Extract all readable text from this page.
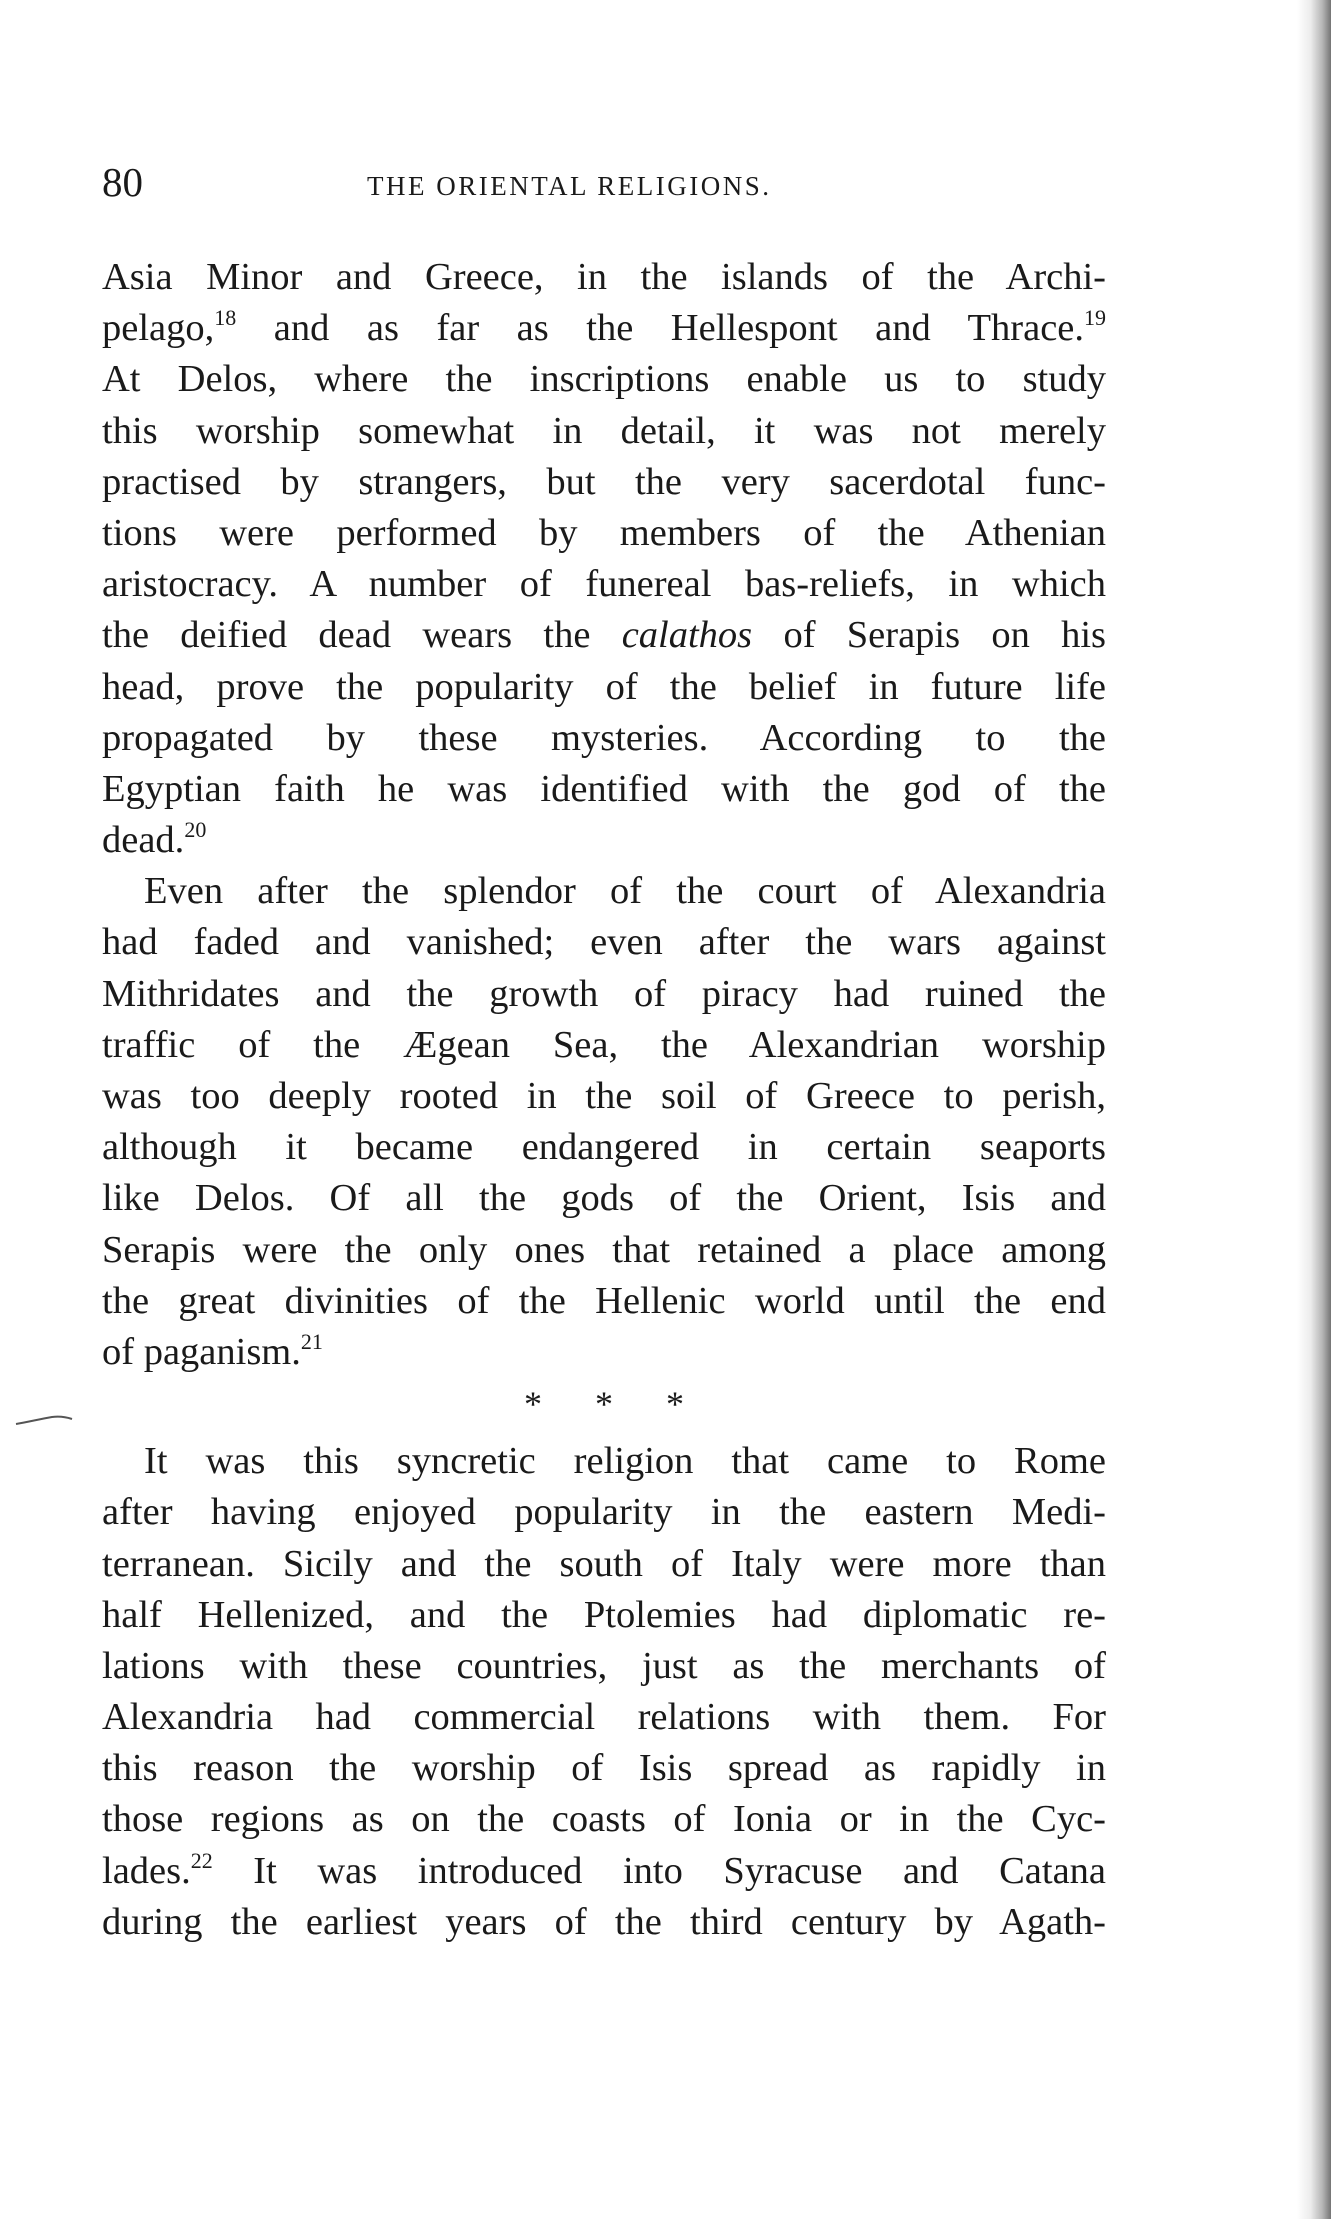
80	THE ORIENTAL RELIGIONS.
Asia Minor and Greece, in the islands of the Archi-
pelago,$^{18}$ and as far as the Hellespont and Thrace.$^{19}$
At Delos, where the inscriptions enable us to study
this worship somewhat in detail, it was not merely
practised by strangers, but the very sacerdotal func-
tions were performed by members of the Athenian
aristocracy. A number of funereal bas-reliefs, in which
the deified dead wears the calathos of Serapis on his
head, prove the popularity of the belief in future life
propagated by these mysteries. According to the
Egyptian faith he was identified with the god of the
dead.$^{20}$
Even after the splendor of the court of Alexandria
had faded and vanished; even after the wars against
Mithridates and the growth of piracy had ruined the
traffic of the Ægean Sea, the Alexandrian worship
was too deeply rooted in the soil of Greece to perish,
although it became endangered in certain seaports
like Delos. Of all the gods of the Orient, Isis and
Serapis were the only ones that retained a place among
the great divinities of the Hellenic world until the end
of paganism.$^{21}$
* * *
It was this syncretic religion that came to Rome
after having enjoyed popularity in the eastern Medi-
terranean. Sicily and the south of Italy were more than
half Hellenized, and the Ptolemies had diplomatic re-
lations with these countries, just as the merchants of
Alexandria had commercial relations with them. For
this reason the worship of Isis spread as rapidly in
those regions as on the coasts of Ionia or in the Cyc-
lades.$^{22}$ It was introduced into Syracuse and Catana
during the earliest years of the third century by Agath-
